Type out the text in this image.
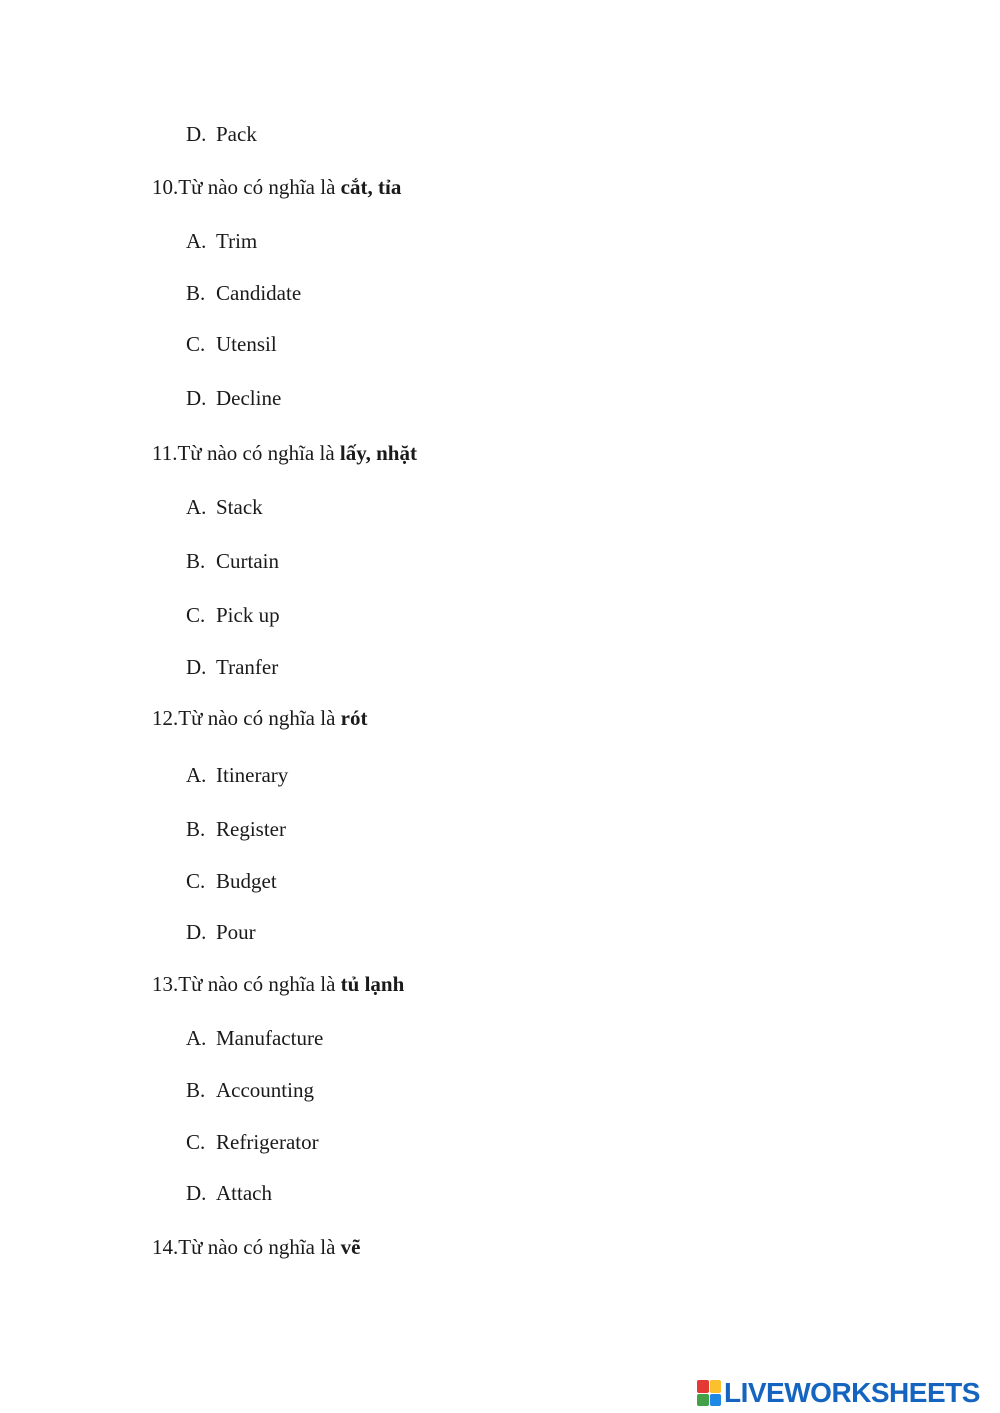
D. Pack
10.Từ nào có nghĩa là cắt, tỉa
A. Trim
B. Candidate
C. Utensil
D. Decline
11.Từ nào có nghĩa là lấy, nhặt
A. Stack
B. Curtain
C. Pick up
D. Tranfer
12.Từ nào có nghĩa là rót
A. Itinerary
B. Register
C. Budget
D. Pour
13.Từ nào có nghĩa là tủ lạnh
A. Manufacture
B. Accounting
C. Refrigerator
D. Attach
14.Từ nào có nghĩa là vẽ
LIVEWORKSHEETS
